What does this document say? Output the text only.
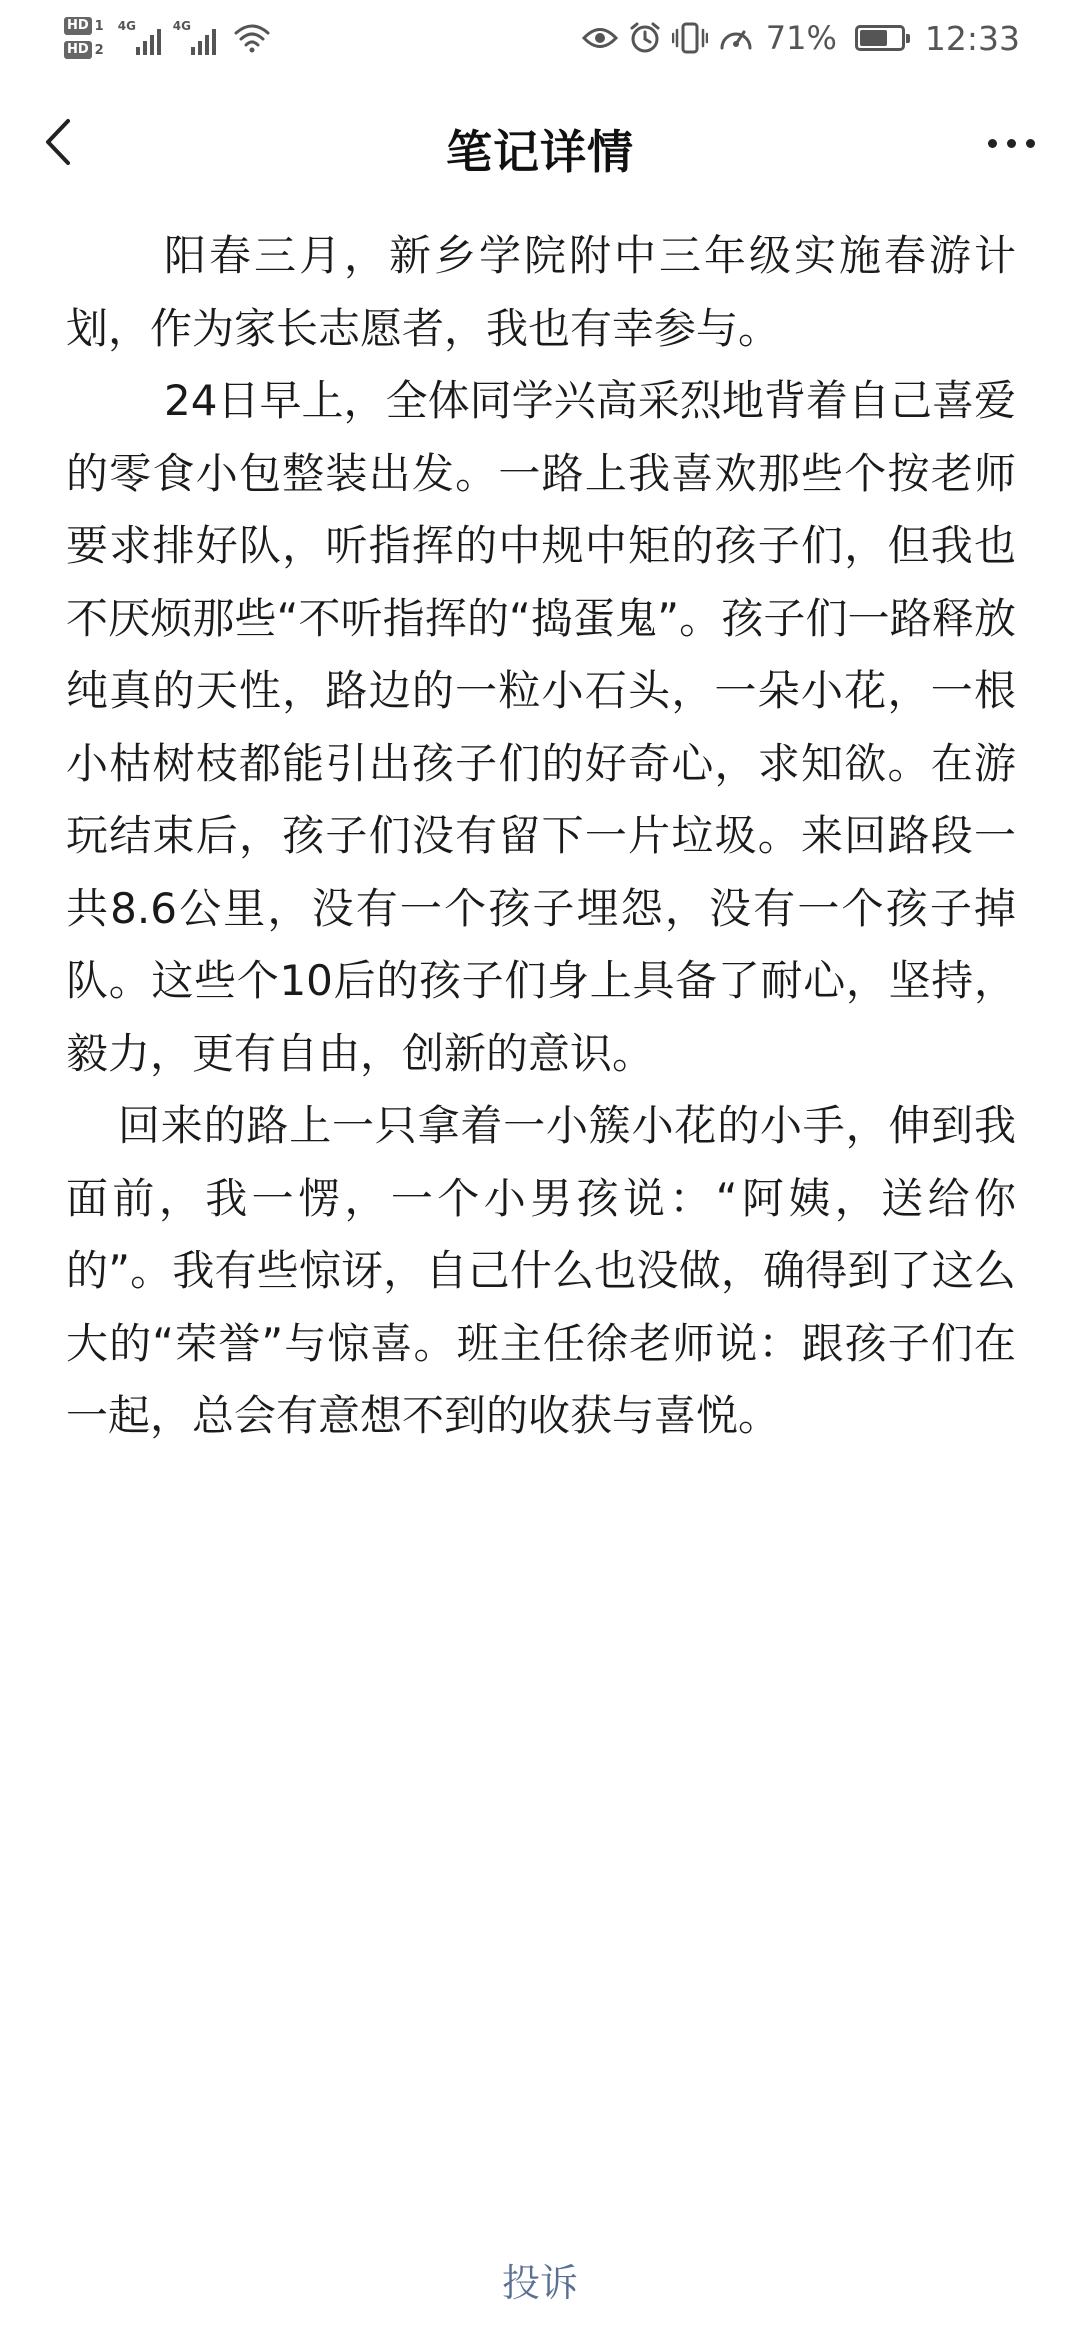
HD 1
HD 2
4G	4G	71%	12:33
笔记详情

阳春三月，新乡学院附中三年级实施春游计划，作为家长志愿者，我也有幸参与。

24日早上，全体同学兴高采烈地背着自己喜爱的零食小包整装出发。一路上我喜欢那些个按老师要求排好队，听指挥的中规中矩的孩子们，但我也不厌烦那些“不听指挥的“捣蛋鬼”。孩子们一路释放纯真的天性，路边的一粒小石头，一朵小花，一根小枯树枝都能引出孩子们的好奇心，求知欲。在游玩结束后，孩子们没有留下一片垃圾。来回路段一共8.6公里，没有一个孩子埋怨，没有一个孩子掉队。这些个10后的孩子们身上具备了耐心，坚持，毅力，更有自由，创新的意识。

回来的路上一只拿着一小簇小花的小手，伸到我面前，我一愣，一个小男孩说：“阿姨，送给你的”。我有些惊讶，自己什么也没做，确得到了这么大的“荣誉”与惊喜。班主任徐老师说：跟孩子们在一起，总会有意想不到的收获与喜悦。

投诉
